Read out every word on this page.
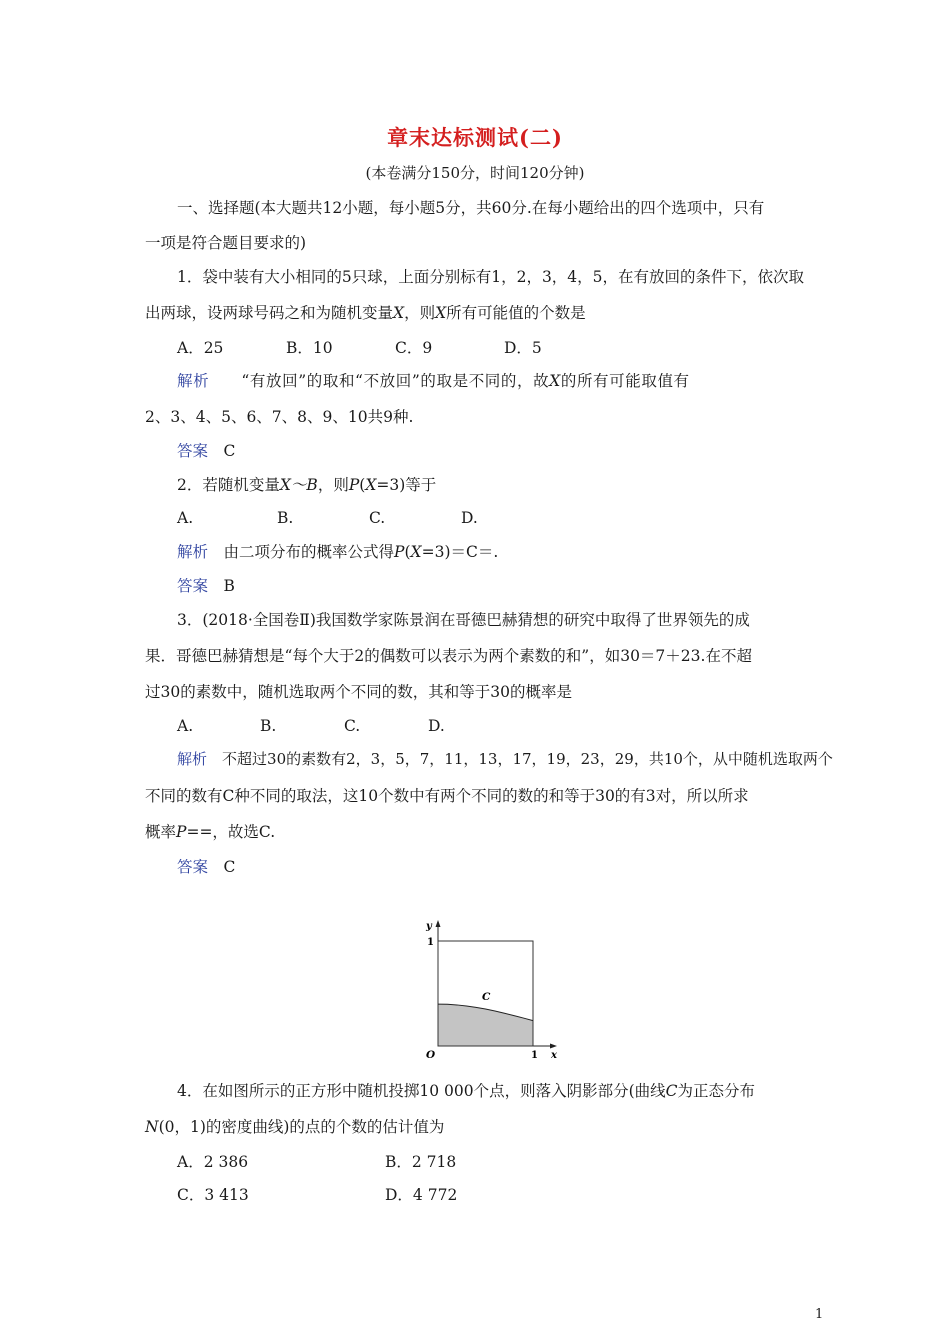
章末达标测试(二)
(本卷满分150分，时间120分钟)
一、选择题(本大题共12小题，每小题5分，共60分.在每小题给出的四个选项中，只有
一项是符合题目要求的)
1．袋中装有大小相同的5只球，上面分别标有1，2，3，4，5，在有放回的条件下，依次取
出两球，设两球号码之和为随机变量X，则X所有可能值的个数是
A．25	B．10	C．9	D．5
解析　　 “有放回”的取和“不放回”的取是不同的，故X的所有可能取值有
2、3、4、5、6、7、8、9、10共9种.
答案　 C
2．若随机变量X～B，则P(X=3)等于
A.	B.	C.	D.
解析　 由二项分布的概率公式得P(X=3)＝C＝.
答案　 B
3．(2018·全国卷Ⅱ)我国数学家陈景润在哥德巴赫猜想的研究中取得了世界领先的成
果．哥德巴赫猜想是“每个大于2的偶数可以表示为两个素数的和”，如30＝7＋23.在不超
过30的素数中，随机选取两个不同的数，其和等于30的概率是
A.	B.	C.	D.
解析　 不超过30的素数有2，3，5，7，11，13，17，19，23，29，共10个，从中随机选取两个
不同的数有C种不同的取法，这10个数中有两个不同的数的和等于30的有3对，所以所求
概率P==，故选C.
答案　 C
y
1
O	1 x
C
4．在如图所示的正方形中随机投掷10 000个点，则落入阴影部分(曲线C为正态分布
N(0，1)的密度曲线)的点的个数的估计值为
A．2 386	B．2 718
C．3 413	D．4 772
1
